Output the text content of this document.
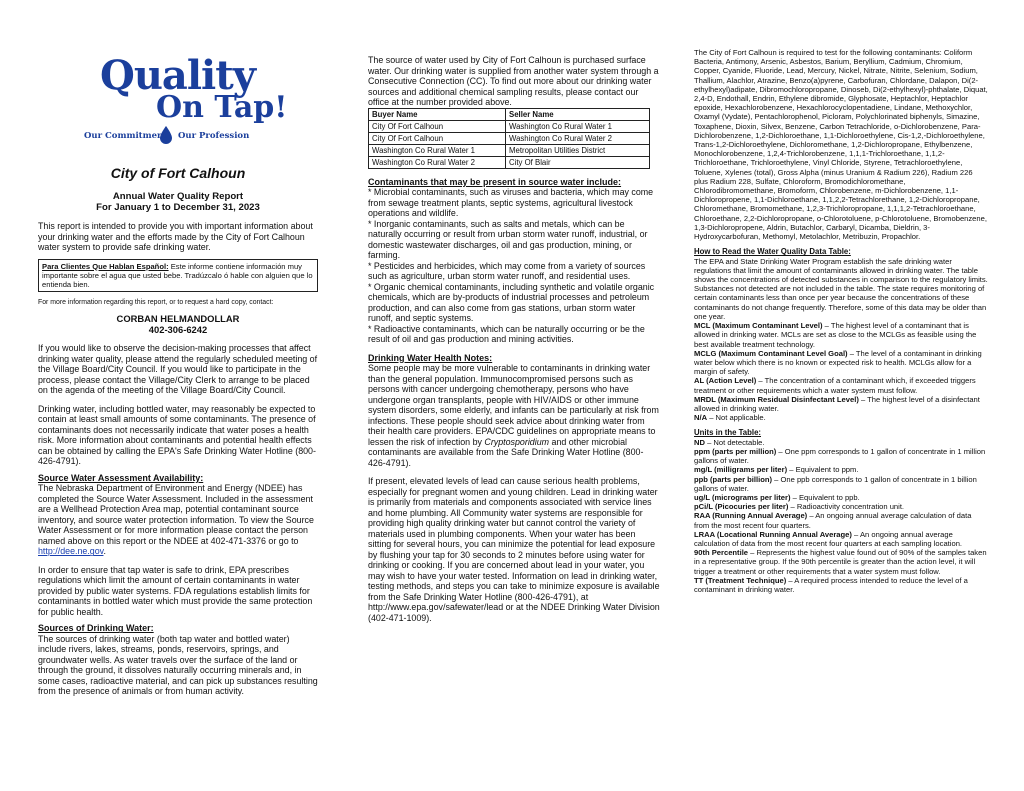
Quality
On Tap!
Our Commitment Our Profession
City of Fort Calhoun
Annual Water Quality Report
For January 1 to December 31, 2023

This report is intended to provide you with important information about your drinking water and the efforts made by the City of Fort Calhoun water system to provide safe drinking water.

Para Clientes Que Hablan Español: Este informe contiene información muy importante sobre el agua que usted bebe. Tradúzcalo ó hable con alguien que lo entienda bien.

For more information regarding this report, or to request a hard copy, contact:

CORBAN HELMANDOLLAR
402-306-6242

If you would like to observe the decision-making processes that affect drinking water quality, please attend the regularly scheduled meeting of the Village Board/City Council. If you would like to participate in the process, please contact the Village/City Clerk to arrange to be placed on the agenda of the meeting of the Village Board/City Council.

Drinking water, including bottled water, may reasonably be expected to contain at least small amounts of some contaminants. The presence of contaminants does not necessarily indicate that water poses a health risk. More information about contaminants and potential health effects can be obtained by calling the EPA's Safe Drinking Water Hotline (800-426-4791).

Source Water Assessment Availability:

The Nebraska Department of Environment and Energy (NDEE) has completed the Source Water Assessment. Included in the assessment are a Wellhead Protection Area map, potential contaminant source inventory, and source water protection information. To view the Source Water Assessment or for more information please contact the person named above on this report or the NDEE at 402-471-3376 or go to http://dee.ne.gov.

In order to ensure that tap water is safe to drink, EPA prescribes regulations which limit the amount of certain contaminants in water provided by public water systems. FDA regulations establish limits for contaminants in bottled water which must provide the same protection for public health.

Sources of Drinking Water:

The sources of drinking water (both tap water and bottled water) include rivers, lakes, streams, ponds, reservoirs, springs, and groundwater wells. As water travels over the surface of the land or through the ground, it dissolves naturally occurring minerals and, in some cases, radioactive material, and can pick up substances resulting from the presence of animals or from human activity.

The source of water used by City of Fort Calhoun is purchased surface water. Our drinking water is supplied from another water system through a Consecutive Connection (CC). To find out more about our drinking water sources and additional chemical sampling results, please contact our office at the number provided above.

Buyer Name	Seller Name
City Of Fort Calhoun	Washington Co Rural Water 1
City Of Fort Calhoun	Washington Co Rural Water 2
Washington Co Rural Water 1	Metropolitan Utilities District
Washington Co Rural Water 2	City Of Blair
Contaminants that may be present in source water include:

* Microbial contaminants, such as viruses and bacteria, which may come from sewage treatment plants, septic systems, agricultural livestock operations and wildlife.

* Inorganic contaminants, such as salts and metals, which can be naturally occurring or result from urban storm water runoff, industrial, or domestic wastewater discharges, oil and gas production, mining, or farming.

* Pesticides and herbicides, which may come from a variety of sources such as agriculture, urban storm water runoff, and residential uses.

* Organic chemical contaminants, including synthetic and volatile organic chemicals, which are by-products of industrial processes and petroleum production, and can also come from gas stations, urban storm water runoff, and septic systems.

* Radioactive contaminants, which can be naturally occurring or be the result of oil and gas production and mining activities.

Drinking Water Health Notes:

Some people may be more vulnerable to contaminants in drinking water than the general population. Immunocompromised persons such as persons with cancer undergoing chemotherapy, persons who have undergone organ transplants, people with HIV/AIDS or other immune system disorders, some elderly, and infants can be particularly at risk from infections. These people should seek advice about drinking water from their health care providers. EPA/CDC guidelines on appropriate means to lessen the risk of infection by Cryptosporidium and other microbial contaminants are available from the Safe Drinking Water Hotline (800-426-4791).

If present, elevated levels of lead can cause serious health problems, especially for pregnant women and young children. Lead in drinking water is primarily from materials and components associated with service lines and home plumbing. All Community water systems are responsible for providing high quality drinking water but cannot control the variety of materials used in plumbing components. When your water has been sitting for several hours, you can minimize the potential for lead exposure by flushing your tap for 30 seconds to 2 minutes before using water for drinking or cooking. If you are concerned about lead in your water, you may wish to have your water tested. Information on lead in drinking water, testing methods, and steps you can take to minimize exposure is available from the Safe Drinking Water Hotline (800-426-4791), at http://www.epa.gov/safewater/lead or at the NDEE Drinking Water Division (402-471-1009).

The City of Fort Calhoun is required to test for the following contaminants: Coliform Bacteria, Antimony, Arsenic, Asbestos, Barium, Beryllium, Cadmium, Chromium, Copper, Cyanide, Fluoride, Lead, Mercury, Nickel, Nitrate, Nitrite, Selenium, Sodium, Thallium, Alachlor, Atrazine, Benzo(a)pyrene, Carbofuran, Chlordane, Dalapon, Di(2-ethylhexyl)adipate, Dibromochloropropane, Dinoseb, Di(2-ethylhexyl)-phthalate, Diquat, 2,4-D, Endothall, Endrin, Ethylene dibromide, Glyphosate, Heptachlor, Heptachlor epoxide, Hexachlorobenzene, Hexachlorocyclopentadiene, Lindane, Methoxychlor, Oxamyl (Vydate), Pentachlorophenol, Picloram, Polychlorinated biphenyls, Simazine, Toxaphene, Dioxin, Silvex, Benzene, Carbon Tetrachloride, o-Dichlorobenzene, Para-Dichlorobenzene, 1,2-Dichloroethane, 1,1-Dichloroethylene, Cis-1,2,-Dichloroethylene, Trans-1,2-Dichloroethylene, Dichloromethane, 1,2-Dichloropropane, Ethylbenzene, Monochlorobenzene, 1,2,4-Trichlorobenzene, 1,1,1-Trichloroethane, 1,1,2-Trichloroethane, Trichloroethylene, Vinyl Chloride, Styrene, Tetrachloroethylene, Toluene, Xylenes (total), Gross Alpha (minus Uranium & Radium 226), Radium 226 plus Radium 228, Sulfate, Chloroform, Bromodichloromethane, Chlorodibromomethane, Bromoform, Chlorobenzene, m-Dichlorobenzene, 1,1-Dichloropropene, 1,1-Dichloroethane, 1,1,2,2-Tetrachlorethane, 1,2-Dichloropropane, Chloromethane, Bromomethane, 1,2,3-Trichloropropane, 1,1,1,2-Tetrachloroethane, Chloroethane, 2,2-Dichloropropane, o-Chlorotoluene, p-Chlorotoluene, Bromobenzene, 1,3-Dichloropropene, Aldrin, Butachlor, Carbaryl, Dicamba, Dieldrin, 3-Hydroxycarbofuran, Methomyl, Metolachlor, Metribuzin, Propachlor.

How to Read the Water Quality Data Table:

The EPA and State Drinking Water Program establish the safe drinking water regulations that limit the amount of contaminants allowed in drinking water. The table shows the concentrations of detected substances in comparison to the regulatory limits. Substances not detected are not included in the table. The state requires monitoring of certain contaminants less than once per year because the concentrations of these contaminants do not change frequently. Therefore, some of this data may be older than one year.

MCL (Maximum Contaminant Level) – The highest level of a contaminant that is allowed in drinking water. MCLs are set as close to the MCLGs as feasible using the best available treatment technology.

MCLG (Maximum Contaminant Level Goal) – The level of a contaminant in drinking water below which there is no known or expected risk to health. MCLGs allow for a margin of safety.

AL (Action Level) – The concentration of a contaminant which, if exceeded triggers treatment or other requirements which a water system must follow.

MRDL (Maximum Residual Disinfectant Level) – The highest level of a disinfectant allowed in drinking water.

N/A – Not applicable.

Units in the Table:

ND – Not detectable.

ppm (parts per million) – One ppm corresponds to 1 gallon of concentrate in 1 million gallons of water.

mg/L (milligrams per liter) – Equivalent to ppm.

ppb (parts per billion) – One ppb corresponds to 1 gallon of concentrate in 1 billion gallons of water.

ug/L (micrograms per liter) – Equivalent to ppb.

pCi/L (Picocuries per liter) – Radioactivity concentration unit.

RAA (Running Annual Average) – An ongoing annual average calculation of data from the most recent four quarters.

LRAA (Locational Running Annual Average) – An ongoing annual average calculation of data from the most recent four quarters at each sampling location.

90th Percentile – Represents the highest value found out of 90% of the samples taken in a representative group. If the 90th percentile is greater than the action level, it will trigger a treatment or other requirements that a water system must follow.

TT (Treatment Technique) – A required process intended to reduce the level of a contaminant in drinking water.
